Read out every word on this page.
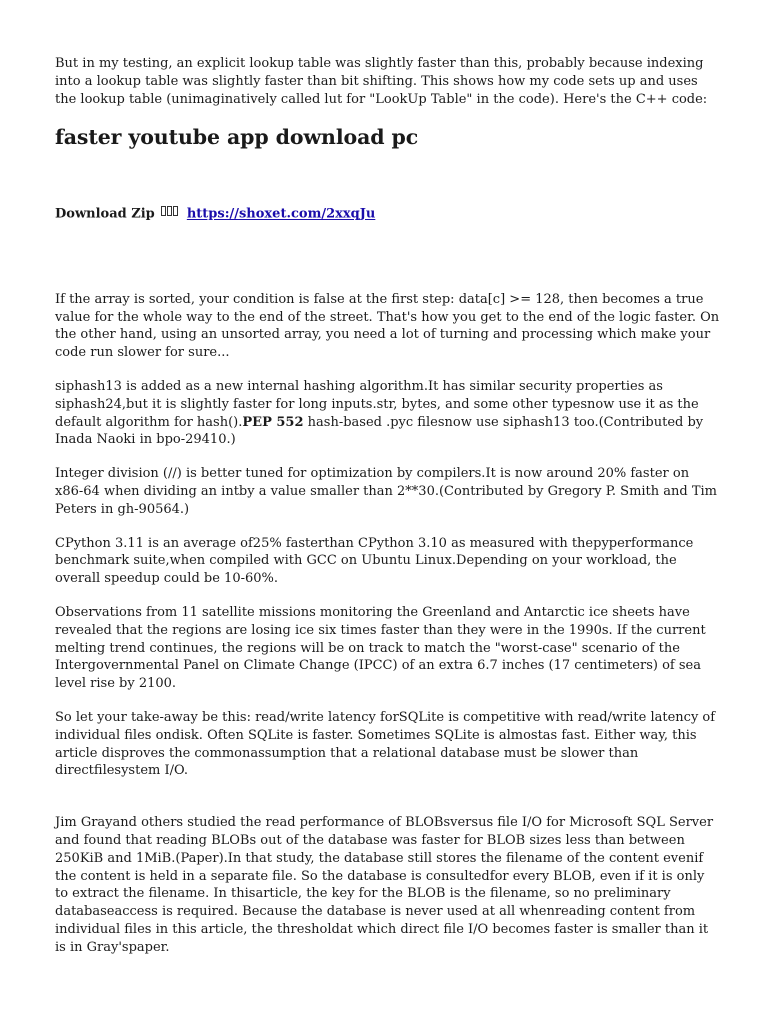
But in my testing, an explicit lookup table was slightly faster than this, probably because indexing into a lookup table was slightly faster than bit shifting. This shows how my code sets up and uses the lookup table (unimaginatively called lut for "LookUp Table" in the code). Here's the C++ code:

faster youtube app download pc
Download Zip https://shoxet.com/2xxqJu

If the array is sorted, your condition is false at the first step: data[c] >= 128, then becomes a true value for the whole way to the end of the street. That's how you get to the end of the logic faster. On the other hand, using an unsorted array, you need a lot of turning and processing which make your code run slower for sure...

siphash13 is added as a new internal hashing algorithm.It has similar security properties as siphash24,but it is slightly faster for long inputs.str, bytes, and some other typesnow use it as the default algorithm for hash().PEP 552 hash-based .pyc filesnow use siphash13 too.(Contributed by Inada Naoki in bpo-29410.)

Integer division (//) is better tuned for optimization by compilers.It is now around 20% faster on x86-64 when dividing an intby a value smaller than 2**30.(Contributed by Gregory P. Smith and Tim Peters in gh-90564.)

CPython 3.11 is an average of25% fasterthan CPython 3.10 as measured with thepyperformance benchmark suite,when compiled with GCC on Ubuntu Linux.Depending on your workload, the overall speedup could be 10-60%.

Observations from 11 satellite missions monitoring the Greenland and Antarctic ice sheets have revealed that the regions are losing ice six times faster than they were in the 1990s. If the current melting trend continues, the regions will be on track to match the "worst-case" scenario of the Intergovernmental Panel on Climate Change (IPCC) of an extra 6.7 inches (17 centimeters) of sea level rise by 2100.

So let your take-away be this: read/write latency forSQLite is competitive with read/write latency of individual files ondisk. Often SQLite is faster. Sometimes SQLite is almostas fast. Either way, this article disproves the commonassumption that a relational database must be slower than directfilesystem I/O.

Jim Grayand others studied the read performance of BLOBsversus file I/O for Microsoft SQL Server and found that reading BLOBs out of the database was faster for BLOB sizes less than between 250KiB and 1MiB.(Paper).In that study, the database still stores the filename of the content evenif the content is held in a separate file. So the database is consultedfor every BLOB, even if it is only to extract the filename. In thisarticle, the key for the BLOB is the filename, so no preliminary databaseaccess is required. Because the database is never used at all whenreading content from individual files in this article, the thresholdat which direct file I/O becomes faster is smaller than it is in Gray'spaper.
